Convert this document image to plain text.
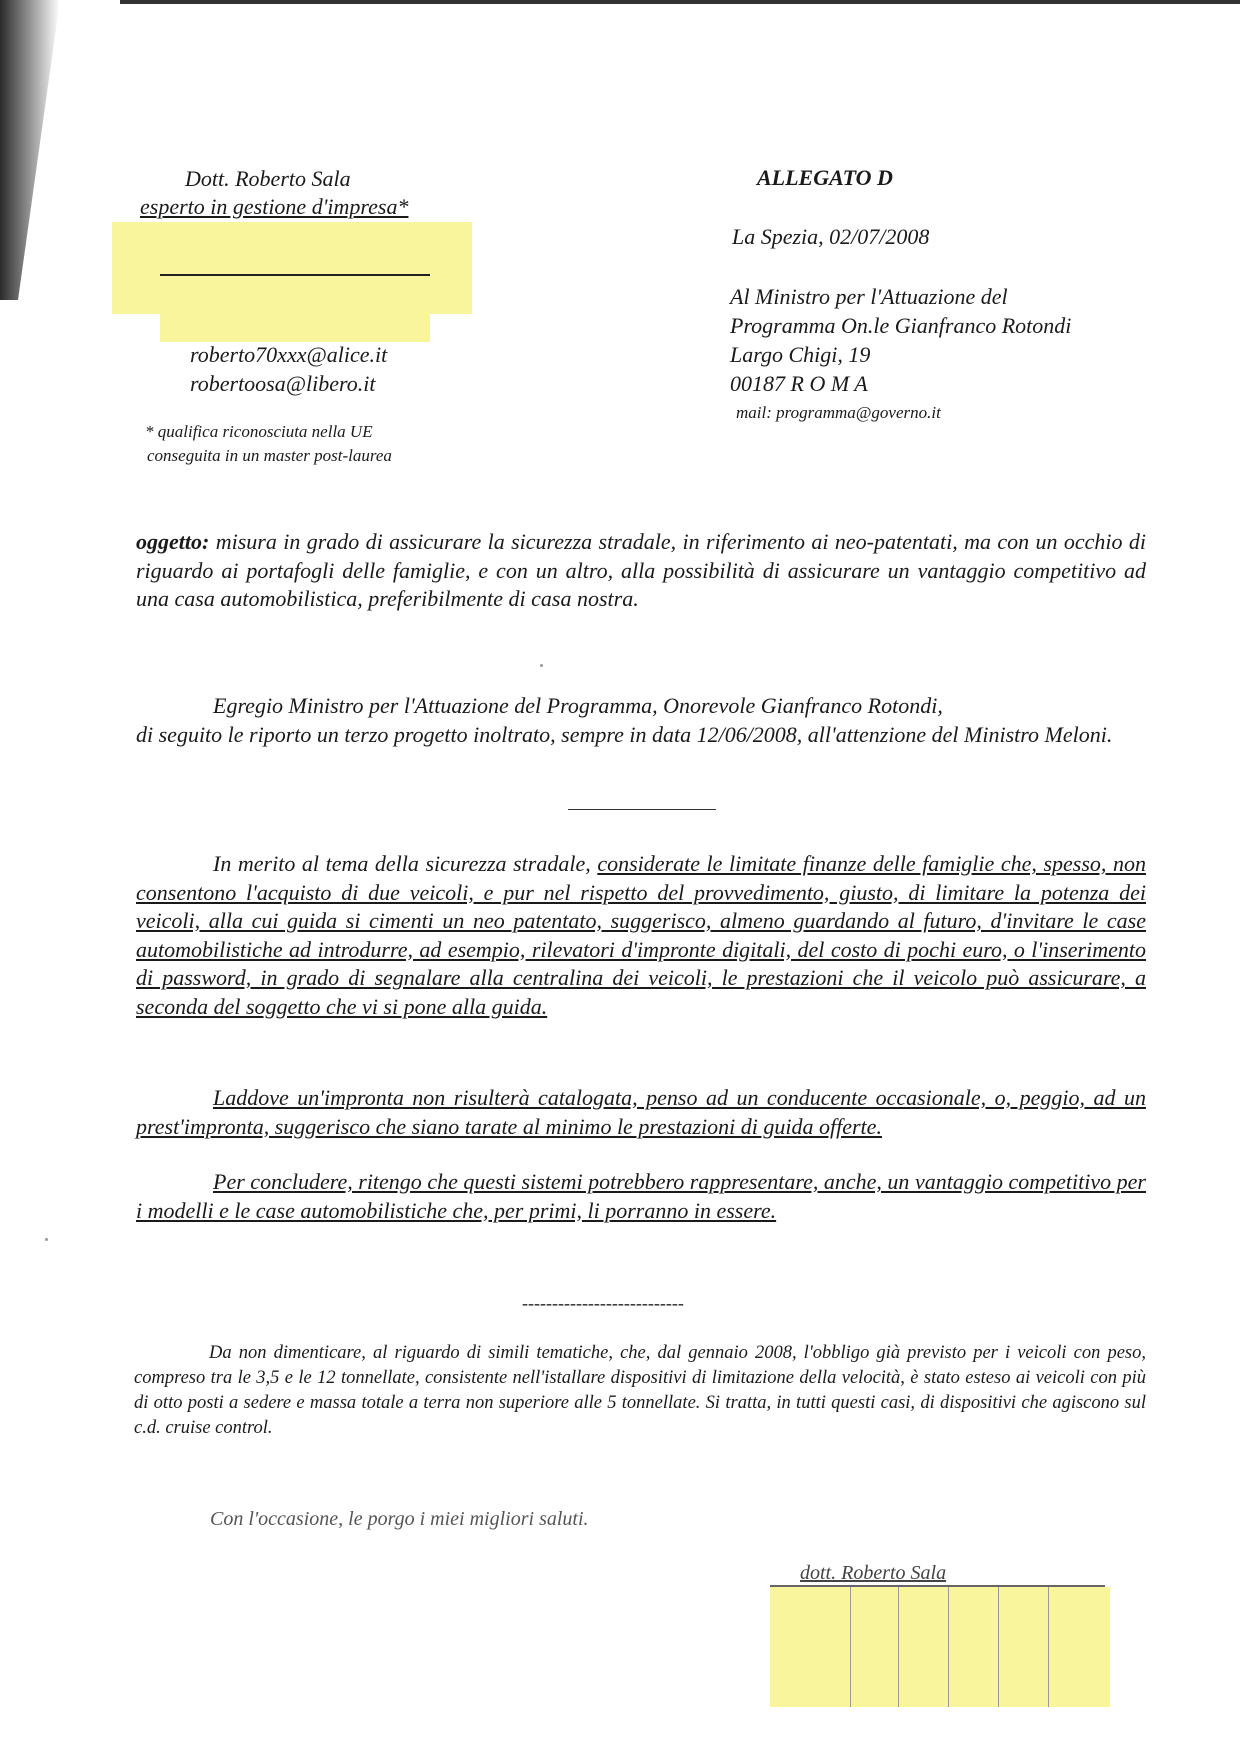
Dott. Roberto Sala
esperto in gestione d'impresa*
roberto70xxx@alice.it
robertoosa@libero.it
* qualifica riconosciuta nella UE
conseguita in un master post-laurea
ALLEGATO D
La Spezia, 02/07/2008
Al Ministro per l'Attuazione del
Programma On.le Gianfranco Rotondi
Largo Chigi, 19
00187 R O M A
mail: programma@governo.it
oggetto: misura in grado di assicurare la sicurezza stradale, in riferimento ai neo-patentati, ma con un occhio di riguardo ai portafogli delle famiglie, e con un altro, alla possibilità di assicurare un vantaggio competitivo ad una casa automobilistica, preferibilmente di casa nostra.
Egregio Ministro per l'Attuazione del Programma, Onorevole Gianfranco Rotondi,
di seguito le riporto un terzo progetto inoltrato, sempre in data 12/06/2008, all'attenzione del Ministro Meloni.
In merito al tema della sicurezza stradale, considerate le limitate finanze delle famiglie che, spesso, non consentono l'acquisto di due veicoli, e pur nel rispetto del provvedimento, giusto, di limitare la potenza dei veicoli, alla cui guida si cimenti un neo patentato, suggerisco, almeno guardando al futuro, d'invitare le case automobilistiche ad introdurre, ad esempio, rilevatori d'impronte digitali, del costo di pochi euro, o l'inserimento di password, in grado di segnalare alla centralina dei veicoli, le prestazioni che il veicolo può assicurare, a seconda del soggetto che vi si pone alla guida.
Laddove un'impronta non risulterà catalogata, penso ad un conducente occasionale, o, peggio, ad un prest'impronta, suggerisco che siano tarate al minimo le prestazioni di guida offerte.
Per concludere, ritengo che questi sistemi potrebbero rappresentare, anche, un vantaggio competitivo per i modelli e le case automobilistiche che, per primi, li porranno in essere.
---------------------------
Da non dimenticare, al riguardo di simili tematiche, che, dal gennaio 2008, l'obbligo già previsto per i veicoli con peso, compreso tra le 3,5 e le 12 tonnellate, consistente nell'istallare dispositivi di limitazione della velocità, è stato esteso ai veicoli con più di otto posti a sedere e massa totale a terra non superiore alle 5 tonnellate. Si tratta, in tutti questi casi, di dispositivi che agiscono sul c.d. cruise control.
Con l'occasione, le porgo i miei migliori saluti.
dott. Roberto Sala
